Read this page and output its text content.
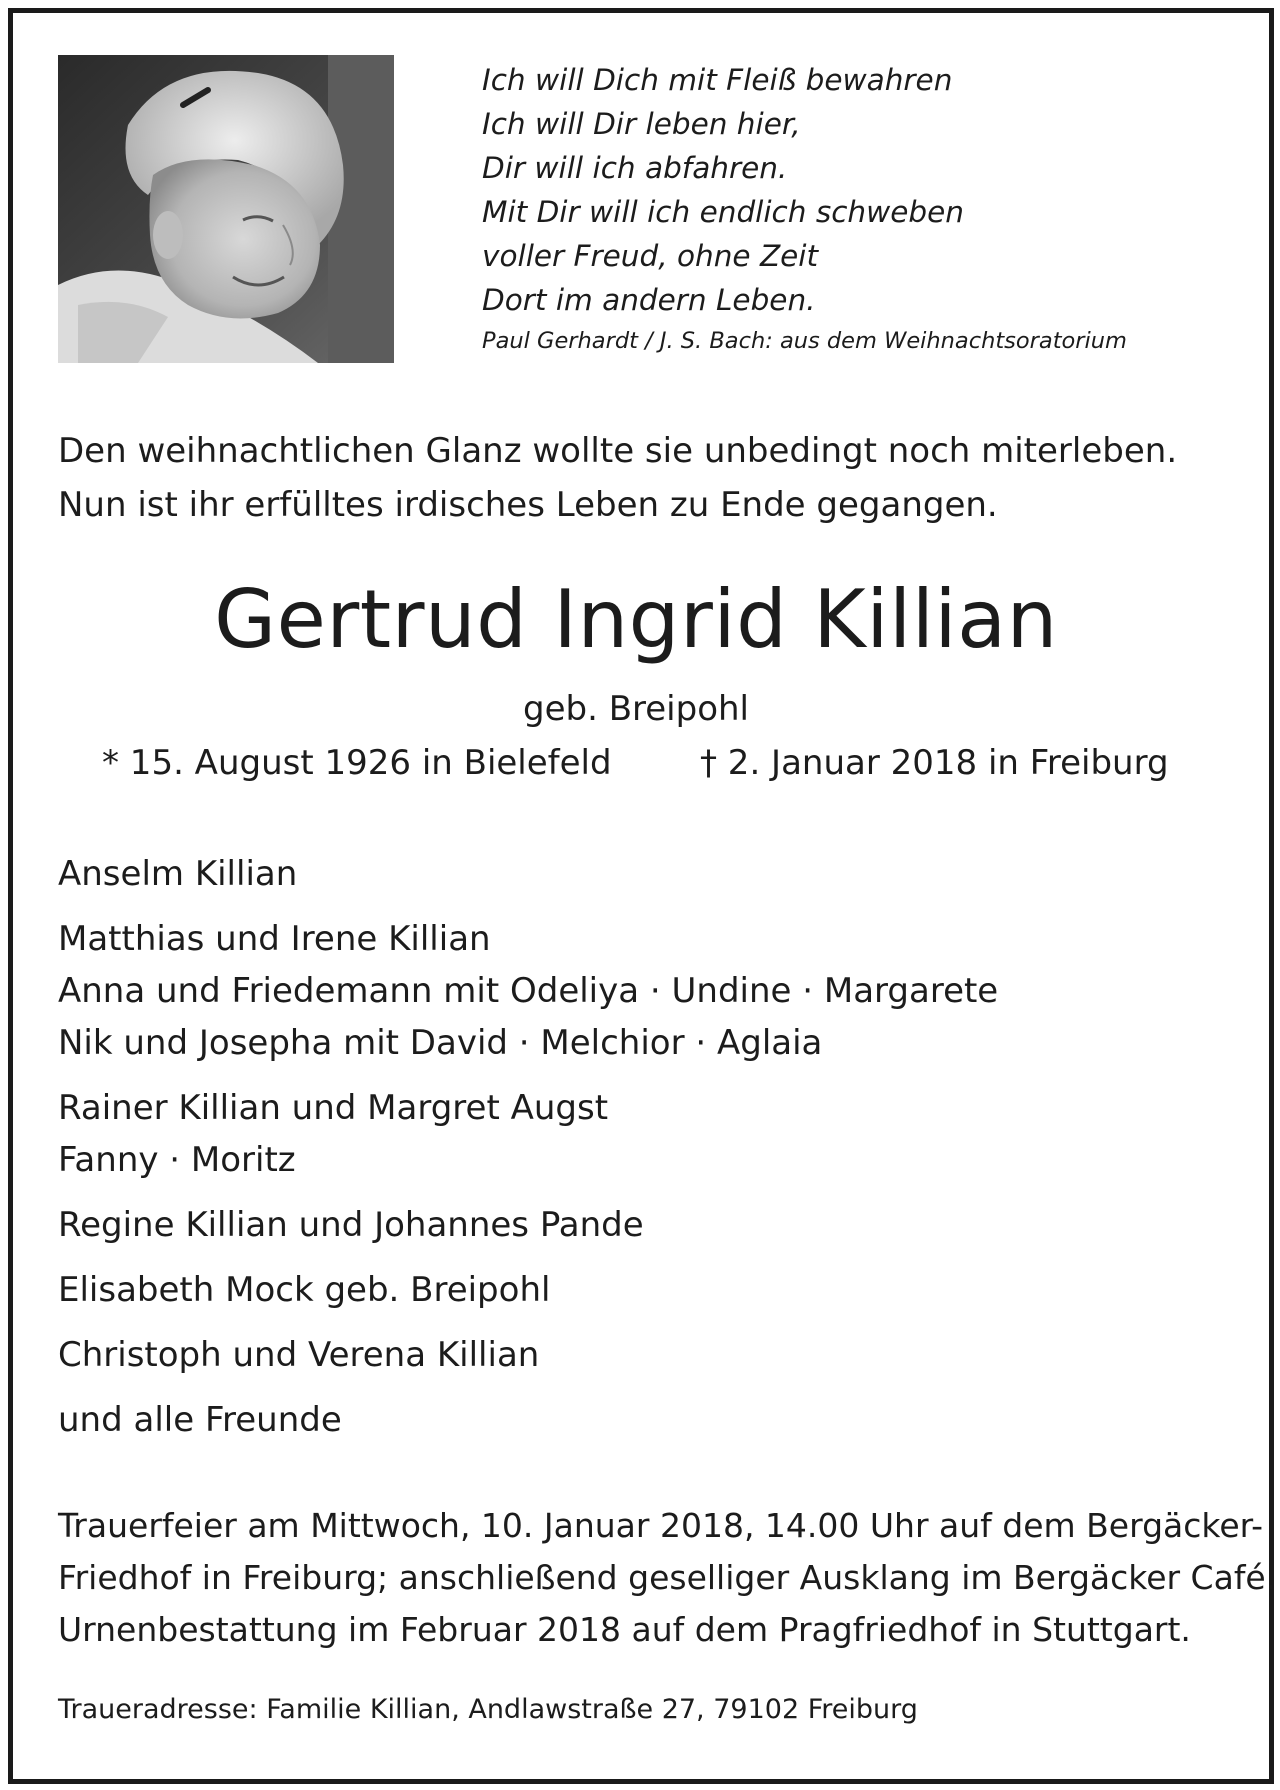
Ich will Dich mit Fleiß bewahren
Ich will Dir leben hier,
Dir will ich abfahren.
Mit Dir will ich endlich schweben
voller Freud, ohne Zeit
Dort im andern Leben.
Paul Gerhardt / J. S. Bach: aus dem Weihnachtsoratorium
Den weihnachtlichen Glanz wollte sie unbedingt noch miterleben.
Nun ist ihr erfülltes irdisches Leben zu Ende gegangen.
Gertrud Ingrid Killian
geb. Breipohl
* 15. August 1926 in Bielefeld	† 2. Januar 2018 in Freiburg
Anselm Killian
Matthias und Irene Killian
Anna und Friedemann mit Odeliya · Undine · Margarete
Nik und Josepha mit David · Melchior · Aglaia
Rainer Killian und Margret Augst
Fanny · Moritz
Regine Killian und Johannes Pande
Elisabeth Mock geb. Breipohl
Christoph und Verena Killian
und alle Freunde
Trauerfeier am Mittwoch, 10. Januar 2018, 14.00 Uhr auf dem Bergäcker-
Friedhof in Freiburg; anschließend geselliger Ausklang im Bergäcker Café.
Urnenbestattung im Februar 2018 auf dem Pragfriedhof in Stuttgart.
Traueradresse: Familie Killian, Andlawstraße 27, 79102 Freiburg
